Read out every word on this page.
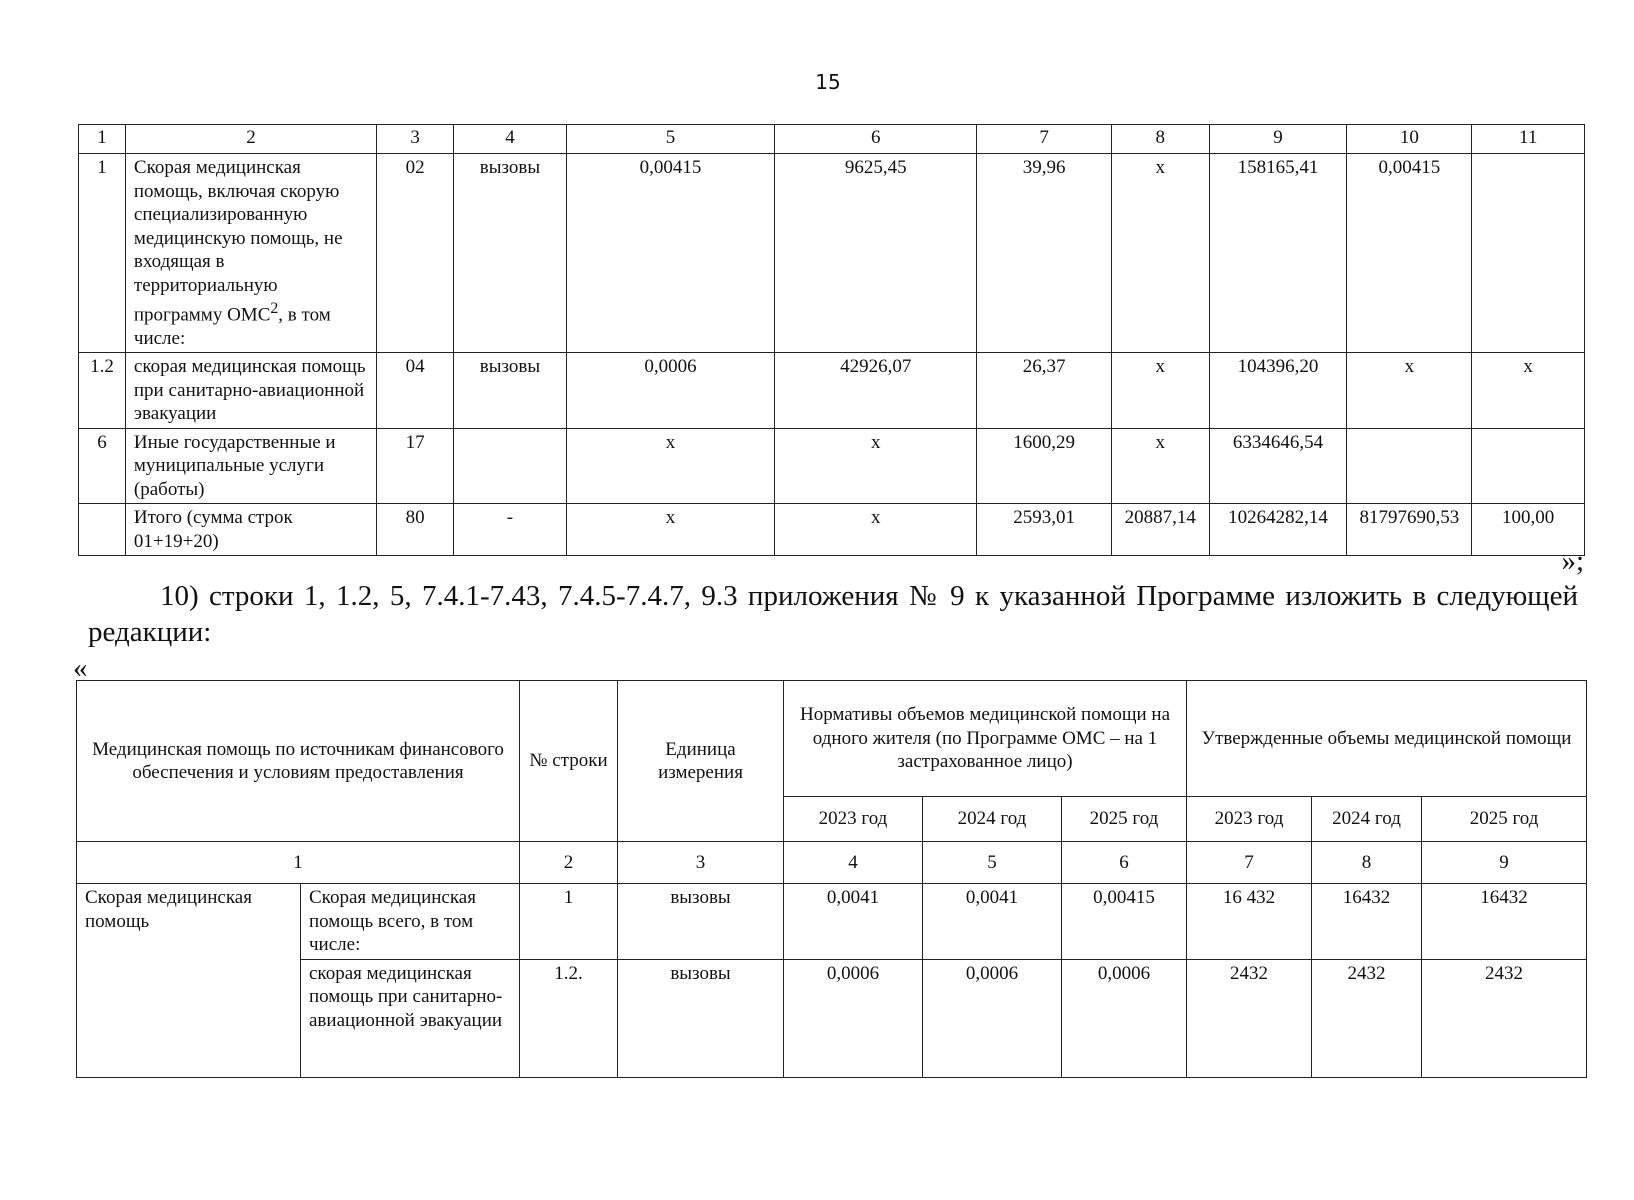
15
1	2	3	4	5	6	7	8	9	10	11
1	Скорая медицинская помощь, включая скорую специализированную медицинскую помощь, не входящая в территориальную программу ОМС$^2$, в том числе:	02	вызовы	0,00415	9625,45	39,96	х	158165,41	0,00415	
1.2	скорая медицинская помощь при санитарно-авиационной эвакуации	04	вызовы	0,0006	42926,07	26,37	х	104396,20	х	х
6	Иные государственные и муниципальные услуги (работы)	17		х	х	1600,29	х	6334646,54		
	Итого (сумма строк 01+19+20)	80	-	х	х	2593,01	20887,14	10264282,14	81797690,53	100,00
»;
10) строки 1, 1.2, 5, 7.4.1-7.43, 7.4.5-7.4.7, 9.3 приложения № 9 к указанной Программе изложить в следующей редакции:
«
Медицинская помощь по источникам финансового обеспечения и условиям предоставления		№ строки	Единица измерения	Нормативы объемов медицинской помощи на одного жителя (по Программе ОМС – на 1 застрахованное лицо)			Утвержденные объемы медицинской помощи		
				2023 год	2024 год	2025 год	2023 год	2024 год	2025 год
1		2	3	4	5	6	7	8	9
Скорая медицинская помощь	Скорая медицинская помощь всего, в том числе:	1	вызовы	0,0041	0,0041	0,00415	16 432	16432	16432
	скорая медицинская помощь при санитарно-авиационной эвакуации	1.2.	вызовы	0,0006	0,0006	0,0006	2432	2432	2432
